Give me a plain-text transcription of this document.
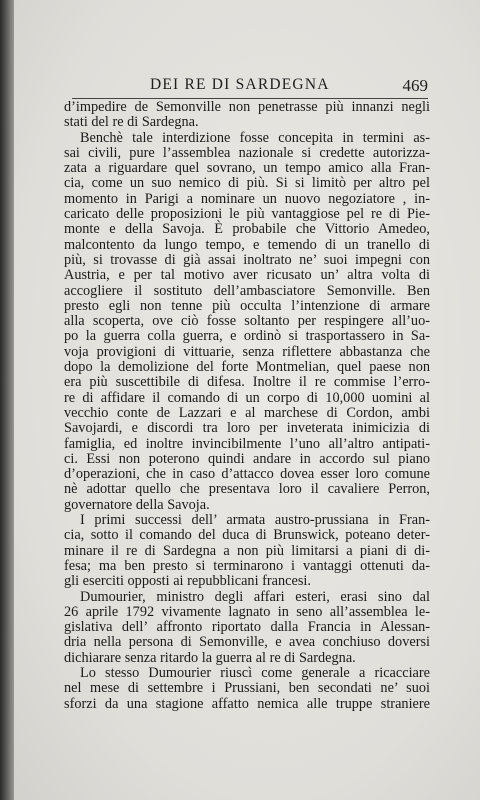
DEI RE DI SARDEGNA	469
d’impedire de Semonville non penetrasse più innanzi negli
stati del re di Sardegna.
Benchè tale interdizione fosse concepita in termini as-
sai civili, pure l’assemblea nazionale si credette autorizza-
zata a riguardare quel sovrano, un tempo amico alla Fran-
cia, come un suo nemico di più. Si si limitò per altro pel
momento in Parigi a nominare un nuovo negoziatore , in-
caricato delle proposizioni le più vantaggiose pel re di Pie-
monte e della Savoja. È probabile che Vittorio Amedeo,
malcontento da lungo tempo, e temendo di un tranello di
più, si trovasse di già assai inoltrato ne’ suoi impegni con
Austria, e per tal motivo aver ricusato un’ altra volta di
accogliere il sostituto dell’ambasciatore Semonville. Ben
presto egli non tenne più occulta l’intenzione di armare
alla scoperta, ove ciò fosse soltanto per respingere all’uo-
po la guerra colla guerra, e ordinò si trasportassero in Sa-
voja provigioni di vittuarie, senza riflettere abbastanza che
dopo la demolizione del forte Montmelian, quel paese non
era più suscettibile di difesa. Inoltre il re commise l’erro-
re di affidare il comando di un corpo di 10,000 uomini al
vecchio conte de Lazzari e al marchese di Cordon, ambi
Savojardi, e discordi tra loro per inveterata inimicizia di
famiglia, ed inoltre invincibilmente l’uno all’altro antipati-
ci. Essi non poterono quindi andare in accordo sul piano
d’operazioni, che in caso d’attacco dovea esser loro comune
nè adottar quello che presentava loro il cavaliere Perron,
governatore della Savoja.
I primi successi dell’ armata austro-prussiana in Fran-
cia, sotto il comando del duca di Brunswick, poteano deter-
minare il re di Sardegna a non più limitarsi a piani di di-
fesa; ma ben presto si terminarono i vantaggi ottenuti da-
gli eserciti opposti ai repubblicani francesi.
Dumourier, ministro degli affari esteri, erasi sino dal
26 aprile 1792 vivamente lagnato in seno all’assemblea le-
gislativa dell’ affronto riportato dalla Francia in Alessan-
dria nella persona di Semonville, e avea conchiuso doversi
dichiarare senza ritardo la guerra al re di Sardegna.
Lo stesso Dumourier riuscì come generale a ricacciare
nel mese di settembre i Prussiani, ben secondati ne’ suoi
sforzi da una stagione affatto nemica alle truppe straniere
